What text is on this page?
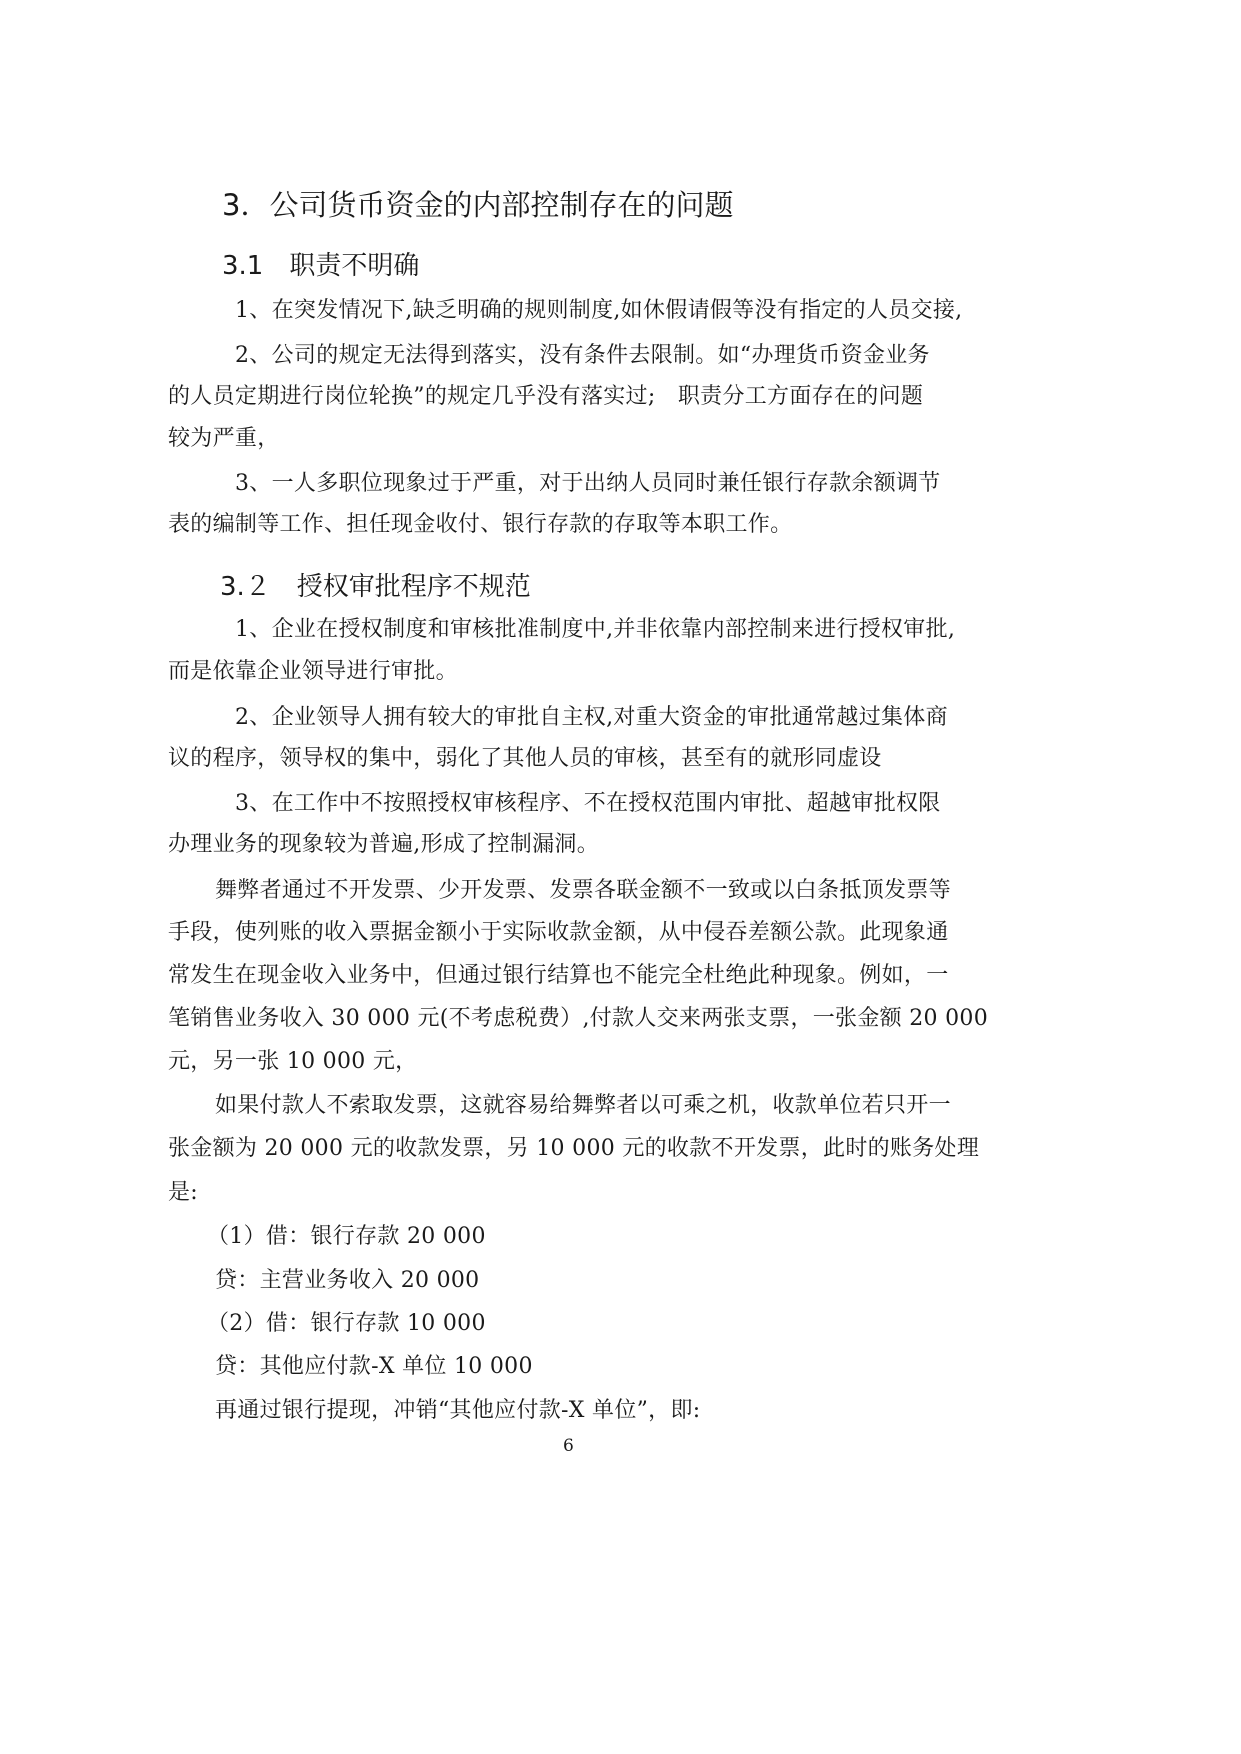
3．公司货币资金的内部控制存在的问题
3.1　职责不明确
1、在突发情况下,缺乏明确的规则制度,如休假请假等没有指定的人员交接,
2、公司的规定无法得到落实，没有条件去限制。如“办理货币资金业务
的人员定期进行岗位轮换”的规定几乎没有落实过;　职责分工方面存在的问题
较为严重，
3、一人多职位现象过于严重，对于出纳人员同时兼任银行存款余额调节
表的编制等工作、担任现金收付、银行存款的存取等本职工作。
3.２　授权审批程序不规范
1、企业在授权制度和审核批准制度中,并非依靠内部控制来进行授权审批,
而是依靠企业领导进行审批。
2、企业领导人拥有较大的审批自主权,对重大资金的审批通常越过集体商
议的程序，领导权的集中，弱化了其他人员的审核，甚至有的就形同虚设
3、在工作中不按照授权审核程序、不在授权范围内审批、超越审批权限
办理业务的现象较为普遍,形成了控制漏洞。
舞弊者通过不开发票、少开发票、发票各联金额不一致或以白条抵顶发票等
手段，使列账的收入票据金额小于实际收款金额，从中侵吞差额公款。此现象通
常发生在现金收入业务中，但通过银行结算也不能完全杜绝此种现象。例如，一
笔销售业务收入 30 000 元(不考虑税费）,付款人交来两张支票，一张金额 20 000
元，另一张 10 000 元，
如果付款人不索取发票，这就容易给舞弊者以可乘之机，收款单位若只开一
张金额为 20 000 元的收款发票，另 10 000 元的收款不开发票，此时的账务处理
是:
（1）借：银行存款 20 000
贷：主营业务收入 20 000
（2）借：银行存款 10 000
贷：其他应付款-X 单位 10 000
再通过银行提现，冲销“其他应付款-X 单位”，即:
6
